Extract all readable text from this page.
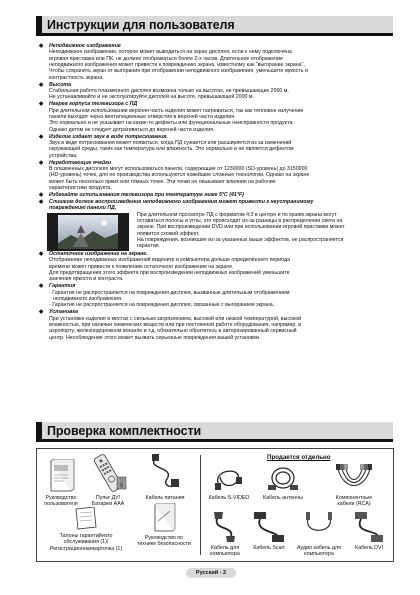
Инструкции для пользователя
◆ Неподвижное изображение

Неподвижное изображение, которое может выводиться на экран дисплея, если к нему подключена

игровая приставка или ПК, не должно отображаться более 2-х часов. Длительное отображение

неподвижного изображения может привести к повреждению экрана, известному как "выгорание экрана".

Чтобы сохранить экран от выгорания при отображении неподвижного изображения, уменьшите яркость и

контрастность экрана.

◆ Высота

Стабильная работа плазменного дисплея возможна только на высотах, не превышающих 2000 м.

Не устанавливайте и не эксплуатируйте дисплей на высоте, превышающей 2000 м.

◆ Нагрев корпуса телевизора с ПД

При длительном использовании верхняя часть изделия может нагреваться, так как тепловое излучение

панели выходит через вентиляционные отверстия в верхней части изделия.

Это нормально и не указывает на какие-то дефекты или функциональные неисправности продукта.

Однако детям не следует дотрагиваться до верхней части изделия.

◆ Изделие издает звук в виде потрескивания.

Звук в виде потрескивания может появиться, когда ПД сужается или расширяется из за изменений

окружающей среды, таких как температура или влажность. Это нормально и не является дефектом

устройства.

◆ Неработающие ячейки

В плазменных дисплеях могут использоваться панели, содержащие от 1230000 (SD-уровень) до 3150000

(HD-уровень) точек, для ее производства используются новейшие сложные технологии. Однако на экране

может быть несколько ярких или тёмных точек. Эти точки не оказывают влияния на рабочие

характеристики продукта.

◆ Избегайте использования телевизора при температуре ниже 5°C (41°F)
◆ Слишком долгое воспроизведение неподвижного изображения может привести к неустранимому
повреждению панели ПД.

При длительном просмотре ПД с форматом 4:3 в центре и по краям экрана могут

оставаться полосы и углы, это происходит из-за разницы в распределении света на

экране. При воспроизведении DVD или при использовании игровой приставки может

появится схожий эффект.

На повреждения, возникшие из-за указанных выше эффектов, не распространяется

гарантия.

◆ Остаточное изображение на экране.

Отображение неподвижных изображений видеоигр и компьютера дольше определённого периода

времени может привести к появлению остаточного изображения на экране.

Для предотвращения этого эффекта при воспроизведении неподвижных изображений уменьшите

значения яркости и контраста.

◆ Гарантия

- Гарантия не распространяется на повреждения дисплея, вызванные длительным отображением

неподвижного изображения.

- Гарантия не распространяется на повреждения дисплея, связанные с выгоранием экрана.

◆ Установка

При установке изделия в местах с сильным загрязнением, высокой или низкой температурой, высокой

влажностью, при наличии химических веществ или при постоянной работе оборудования, например, в

аэропорту, железнодорожном вокзале и т.д. обязательно обратитесь в авторизированный сервисный

центр. Несоблюдение этого может вызвать серьезные повреждения вашей установки.

Проверка комплектности
Руководство
пользователя
Пульт ДУ/
Батареи ААА
Кабель питания
Талоны гарантийного
обслуживания (1)/
Регистрационнаякарточка (1)
Руководство по
технике безопасности
Продается отдельно
Кабель S-VIDEO	Кабель антенны	Компонентные
кабели (RCA)
Кабель для
компьютера
Кабель Scart	Аудио кабель для
компьютера
Кабель DVI
Русский - 2
